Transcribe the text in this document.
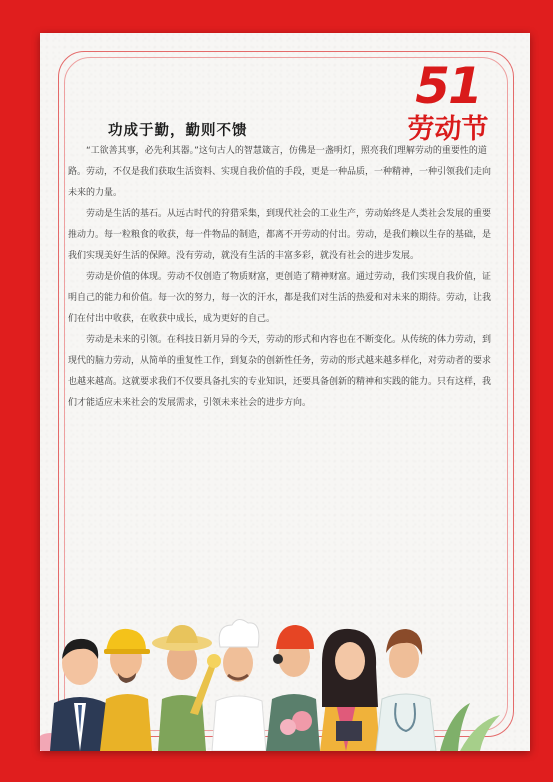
51
劳动节
功成于勤，勤则不馈

“工欲善其事，必先利其器。”这句古人的智慧箴言，仿佛是一盏明灯，照亮我们理解劳动的重要性的道路。劳动，不仅是我们获取生活资料、实现自我价值的手段，更是一种品质，一种精神，一种引领我们走向未来的力量。

劳动是生活的基石。从远古时代的狩猎采集，到现代社会的工业生产，劳动始终是人类社会发展的重要推动力。每一粒粮食的收获，每一件物品的制造，都离不开劳动的付出。劳动，是我们赖以生存的基础，是我们实现美好生活的保障。没有劳动，就没有生活的丰富多彩，就没有社会的进步发展。

劳动是价值的体现。劳动不仅创造了物质财富，更创造了精神财富。通过劳动，我们实现自我价值，证明自己的能力和价值。每一次的努力，每一次的汗水，都是我们对生活的热爱和对未来的期待。劳动，让我们在付出中收获，在收获中成长，成为更好的自己。

劳动是未来的引领。在科技日新月异的今天，劳动的形式和内容也在不断变化。从传统的体力劳动，到现代的脑力劳动，从简单的重复性工作，到复杂的创新性任务，劳动的形式越来越多样化，对劳动者的要求也越来越高。这就要求我们不仅要具备扎实的专业知识，还要具备创新的精神和实践的能力。只有这样，我们才能适应未来社会的发展需求，引领未来社会的进步方向。
